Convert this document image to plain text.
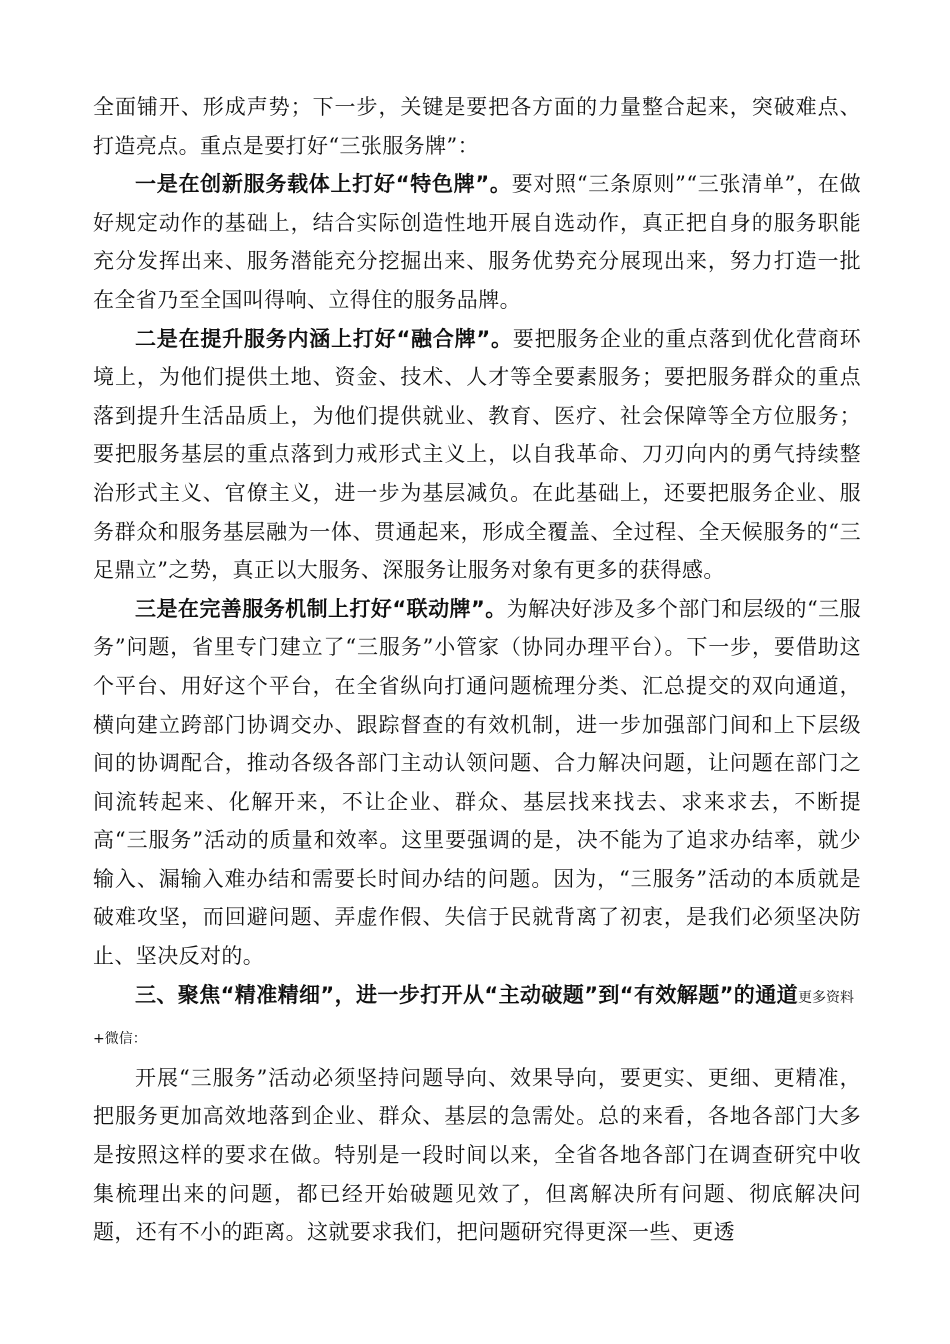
全面铺开、形成声势；下一步，关键是要把各方面的力量整合起来，突破难点、打造亮点。重点是要打好“三张服务牌”：

一是在创新服务载体上打好“特色牌”。要对照“三条原则”“三张清单”，在做好规定动作的基础上，结合实际创造性地开展自选动作，真正把自身的服务职能充分发挥出来、服务潜能充分挖掘出来、服务优势充分展现出来，努力打造一批在全省乃至全国叫得响、立得住的服务品牌。

二是在提升服务内涵上打好“融合牌”。要把服务企业的重点落到优化营商环境上，为他们提供土地、资金、技术、人才等全要素服务；要把服务群众的重点落到提升生活品质上，为他们提供就业、教育、医疗、社会保障等全方位服务；要把服务基层的重点落到力戒形式主义上，以自我革命、刀刃向内的勇气持续整治形式主义、官僚主义，进一步为基层减负。在此基础上，还要把服务企业、服务群众和服务基层融为一体、贯通起来，形成全覆盖、全过程、全天候服务的“三足鼎立”之势，真正以大服务、深服务让服务对象有更多的获得感。

三是在完善服务机制上打好“联动牌”。为解决好涉及多个部门和层级的“三服务”问题，省里专门建立了“三服务”小管家（协同办理平台）。下一步，要借助这个平台、用好这个平台，在全省纵向打通问题梳理分类、汇总提交的双向通道，横向建立跨部门协调交办、跟踪督查的有效机制，进一步加强部门间和上下层级间的协调配合，推动各级各部门主动认领问题、合力解决问题，让问题在部门之间流转起来、化解开来，不让企业、群众、基层找来找去、求来求去，不断提高“三服务”活动的质量和效率。这里要强调的是，决不能为了追求办结率，就少输入、漏输入难办结和需要长时间办结的问题。因为，“三服务”活动的本质就是破难攻坚，而回避问题、弄虚作假、失信于民就背离了初衷，是我们必须坚决防止、坚决反对的。

三、聚焦“精准精细”，进一步打开从“主动破题”到“有效解题”的通道更多资料+微信：

开展“三服务”活动必须坚持问题导向、效果导向，要更实、更细、更精准，把服务更加高效地落到企业、群众、基层的急需处。总的来看，各地各部门大多是按照这样的要求在做。特别是一段时间以来，全省各地各部门在调查研究中收集梳理出来的问题，都已经开始破题见效了，但离解决所有问题、彻底解决问题，还有不小的距离。这就要求我们，把问题研究得更深一些、更透
